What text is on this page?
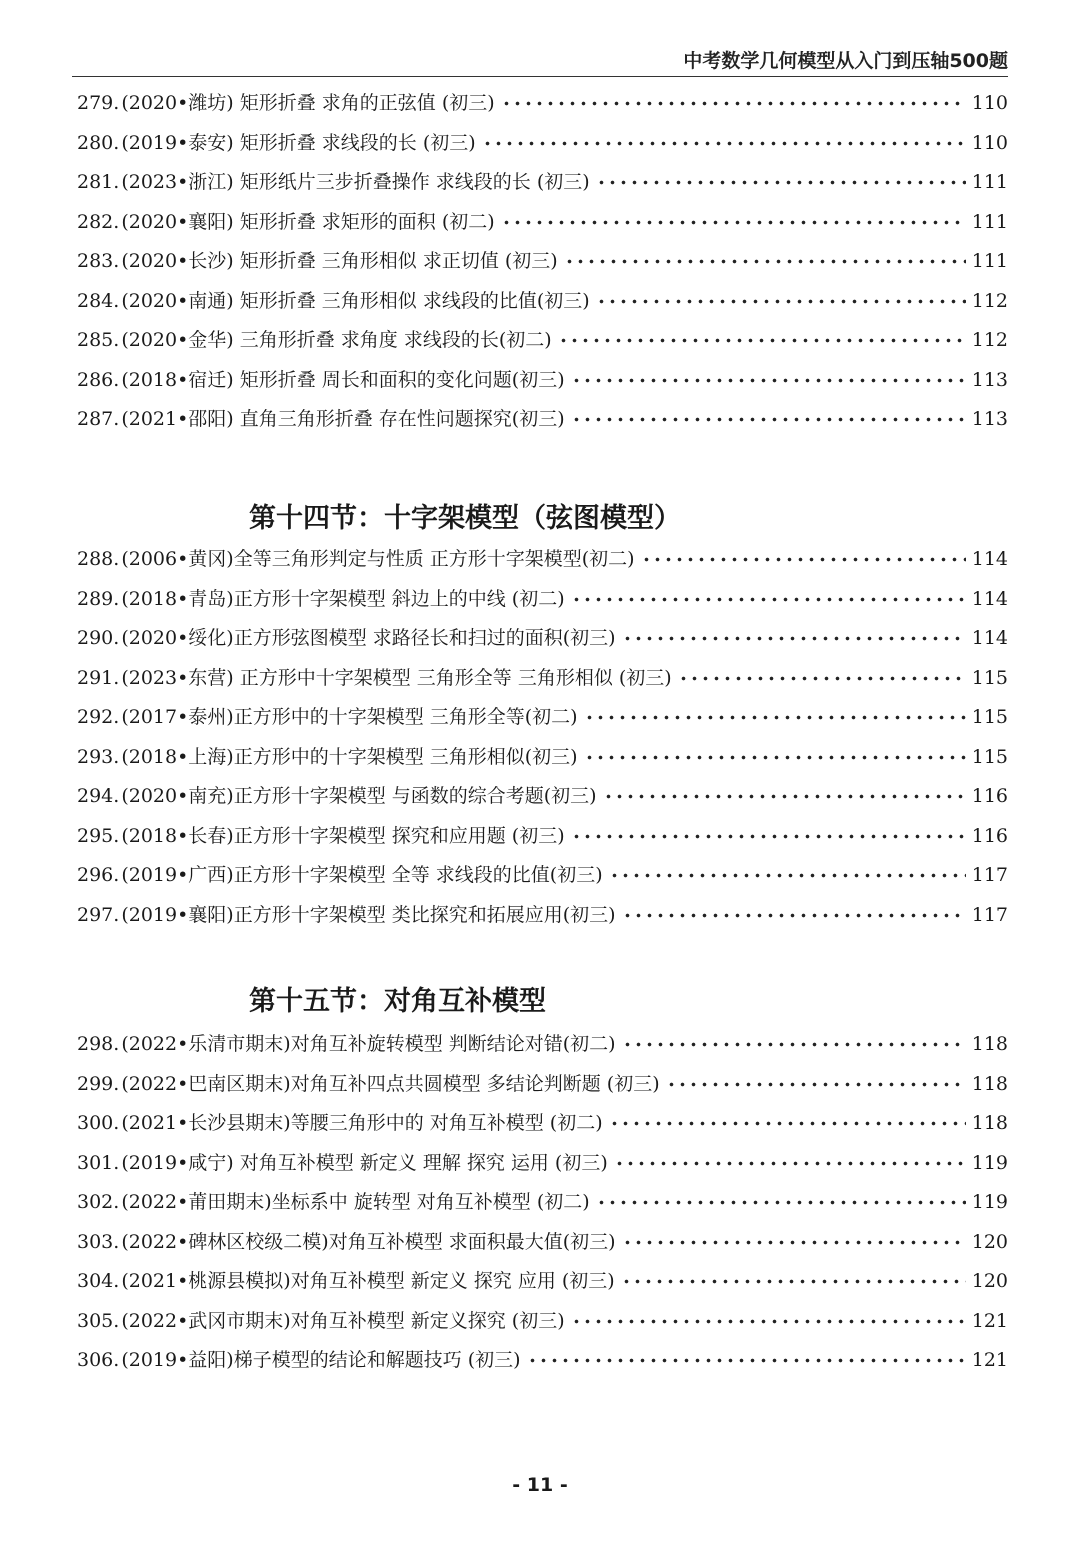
中考数学几何模型从入门到压轴500题
279. (2020•潍坊) 矩形折叠 求角的正弦值 (初三)	110
280. (2019•泰安) 矩形折叠 求线段的长 (初三)	110
281. (2023•浙江) 矩形纸片三步折叠操作 求线段的长 (初三)	111
282. (2020•襄阳) 矩形折叠 求矩形的面积 (初二)	111
283. (2020•长沙) 矩形折叠 三角形相似 求正切值 (初三)	111
284. (2020•南通) 矩形折叠 三角形相似 求线段的比值(初三)	112
285. (2020•金华) 三角形折叠 求角度 求线段的长(初二)	112
286. (2018•宿迁) 矩形折叠 周长和面积的变化问题(初三)	113
287. (2021•邵阳) 直角三角形折叠 存在性问题探究(初三)	113
第十四节：十字架模型（弦图模型）
288. (2006•黄冈)全等三角形判定与性质 正方形十字架模型(初二)	114
289. (2018•青岛)正方形十字架模型 斜边上的中线 (初二)	114
290. (2020•绥化)正方形弦图模型 求路径长和扫过的面积(初三)	114
291. (2023•东营) 正方形中十字架模型 三角形全等 三角形相似 (初三)	115
292. (2017•泰州)正方形中的十字架模型 三角形全等(初二)	115
293. (2018•上海)正方形中的十字架模型 三角形相似(初三)	115
294. (2020•南充)正方形十字架模型 与函数的综合考题(初三)	116
295. (2018•长春)正方形十字架模型 探究和应用题 (初三)	116
296. (2019•广西)正方形十字架模型 全等 求线段的比值(初三)	117
297. (2019•襄阳)正方形十字架模型 类比探究和拓展应用(初三)	117
第十五节：对角互补模型
298. (2022•乐清市期末)对角互补旋转模型 判断结论对错(初二)	118
299. (2022•巴南区期末)对角互补四点共圆模型 多结论判断题 (初三)	118
300. (2021•长沙县期末)等腰三角形中的 对角互补模型 (初二)	118
301. (2019•咸宁) 对角互补模型 新定义 理解 探究 运用 (初三)	119
302. (2022•莆田期末)坐标系中 旋转型 对角互补模型 (初二)	119
303. (2022•碑林区校级二模)对角互补模型 求面积最大值(初三)	120
304. (2021•桃源县模拟)对角互补模型 新定义 探究 应用 (初三)	120
305. (2022•武冈市期末)对角互补模型 新定义探究 (初三)	121
306. (2019•益阳)梯子模型的结论和解题技巧 (初三)	121
- 11 -
